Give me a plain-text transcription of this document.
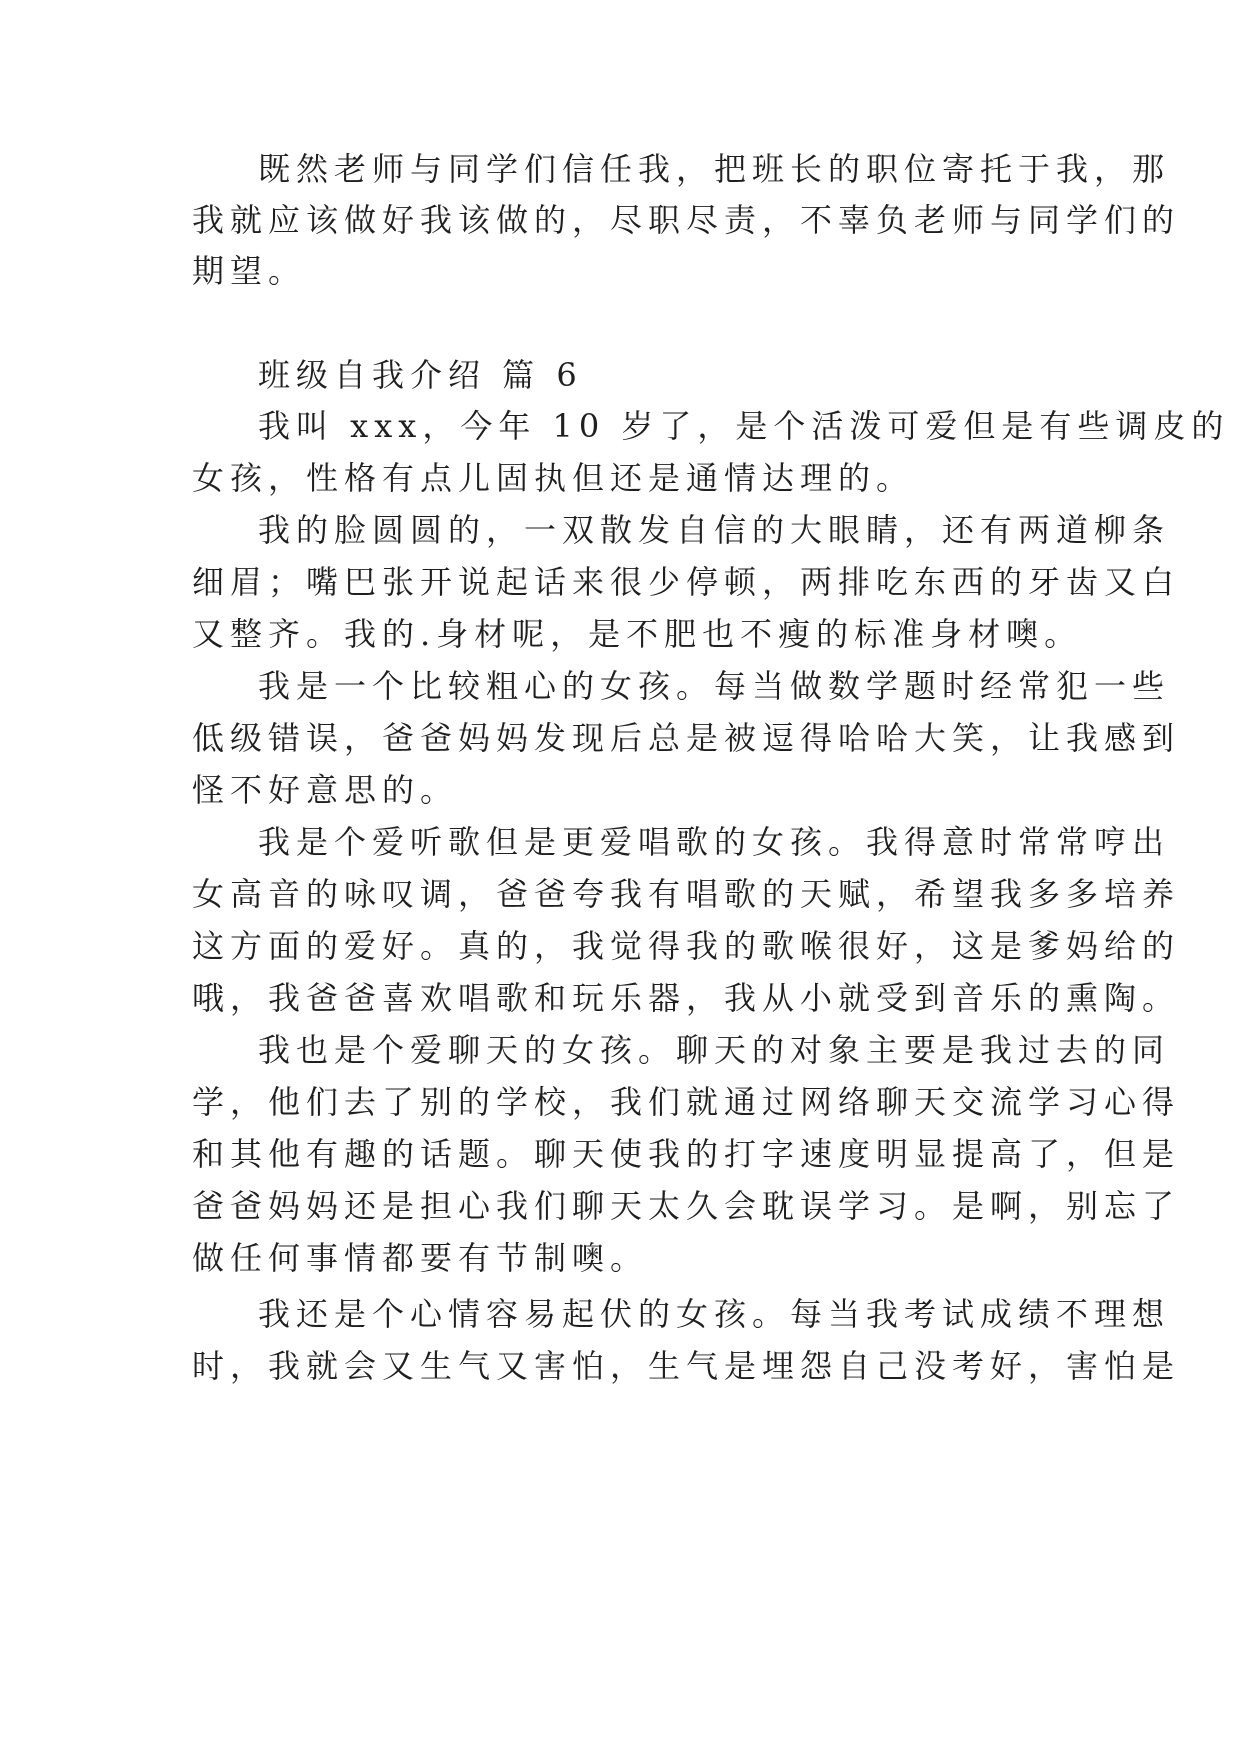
既然老师与同学们信任我，把班长的职位寄托于我，那
我就应该做好我该做的，尽职尽责，不辜负老师与同学们的
期望。
班级自我介绍 篇 6
我叫 xxx，今年 10 岁了，是个活泼可爱但是有些调皮的
女孩，性格有点儿固执但还是通情达理的。
我的脸圆圆的，一双散发自信的大眼睛，还有两道柳条
细眉；嘴巴张开说起话来很少停顿，两排吃东西的牙齿又白
又整齐。我的.身材呢，是不肥也不瘦的标准身材噢。
我是一个比较粗心的女孩。每当做数学题时经常犯一些
低级错误，爸爸妈妈发现后总是被逗得哈哈大笑，让我感到
怪不好意思的。
我是个爱听歌但是更爱唱歌的女孩。我得意时常常哼出
女高音的咏叹调，爸爸夸我有唱歌的天赋，希望我多多培养
这方面的爱好。真的，我觉得我的歌喉很好，这是爹妈给的
哦，我爸爸喜欢唱歌和玩乐器，我从小就受到音乐的熏陶。
我也是个爱聊天的女孩。聊天的对象主要是我过去的同
学，他们去了别的学校，我们就通过网络聊天交流学习心得
和其他有趣的话题。聊天使我的打字速度明显提高了，但是
爸爸妈妈还是担心我们聊天太久会耽误学习。是啊，别忘了
做任何事情都要有节制噢。
我还是个心情容易起伏的女孩。每当我考试成绩不理想
时，我就会又生气又害怕，生气是埋怨自己没考好，害怕是
